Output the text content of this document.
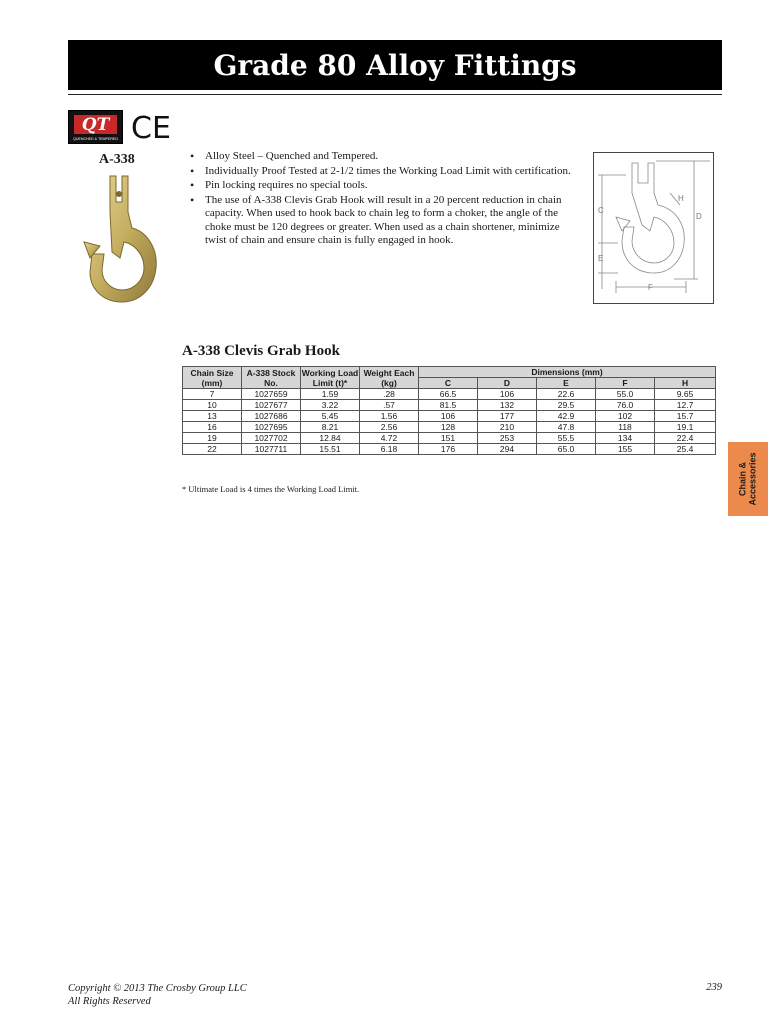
Grade 80 Alloy Fittings
QT
QUENCHED & TEMPERED CE
A-338	• Alloy Steel – Quenched and Tempered.
• Individually Proof Tested at 2-1/2 times the Working Load Limit with certification.
• Pin locking requires no special tools.
• The use of A-338 Clevis Grab Hook will result in a 20 percent reduction in chain capacity. When used to hook back to chain leg to form a choker, the angle of the choke must be 120 degrees or greater. When used as a chain shortener, minimize twist of chain and ensure chain is fully engaged in hook.
C
D
E
F
H
A-338 Clevis Grab Hook
Chain Size (mm)	A-338 Stock No.	Working Load Limit (t)*	Weight Each (kg)	Dimensions (mm)				
				C	D	E	F	H
7	1027659	1.59	.28	66.5	106	22.6	55.0	9.65
10	1027677	3.22	.57	81.5	132	29.5	76.0	12.7
13	1027686	5.45	1.56	106	177	42.9	102	15.7
16	1027695	8.21	2.56	128	210	47.8	118	19.1
19	1027702	12.84	4.72	151	253	55.5	134	22.4
22	1027711	15.51	6.18	176	294	65.0	155	25.4
* Ultimate Load is 4 times the Working Load Limit.	Chain & Accessories
Copyright © 2013 The Crosby Group LLC
All Rights Reserved
239
